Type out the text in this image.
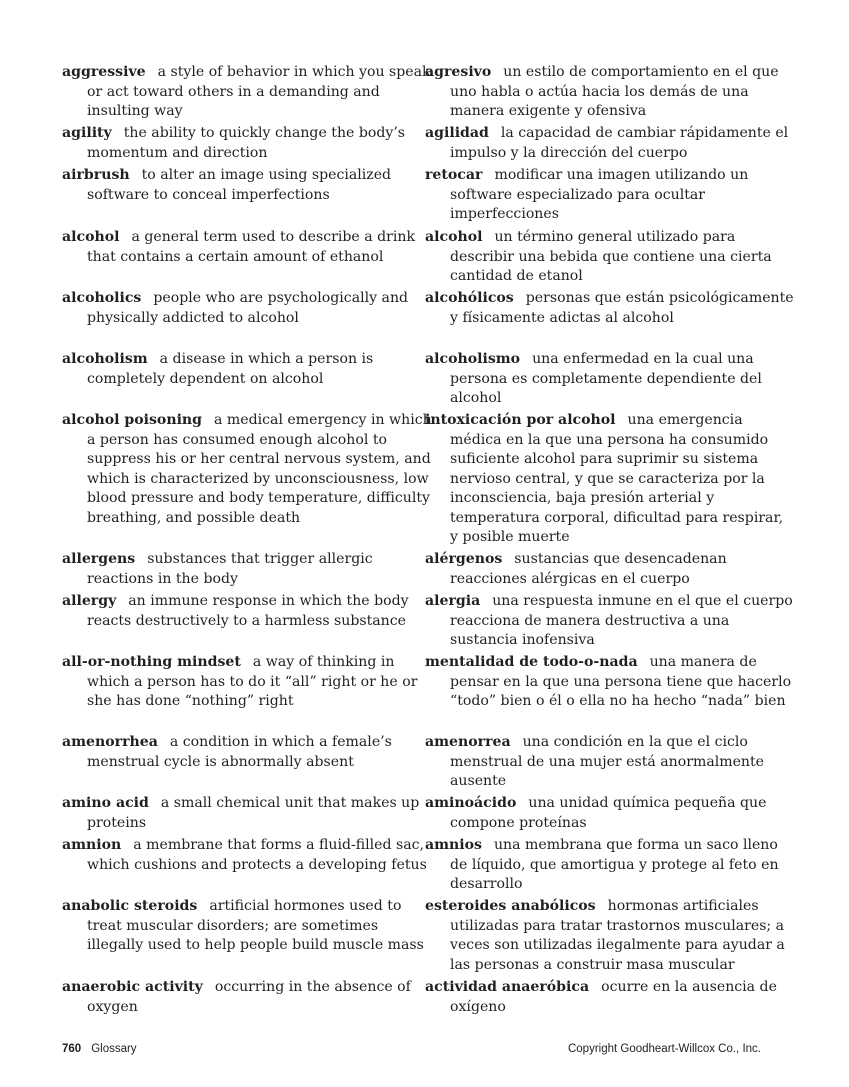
aggressive a style of behavior in which you speak or act toward others in a demanding and insulting way

agresivo un estilo de comportamiento en el que uno habla o actúa hacia los demás de una manera exigente y ofensiva

agility the ability to quickly change the body’s momentum and direction

agilidad la capacidad de cambiar rápidamente el impulso y la dirección del cuerpo

airbrush to alter an image using specialized software to conceal imperfections

retocar modificar una imagen utilizando un software especializado para ocultar imperfecciones

alcohol a general term used to describe a drink that contains a certain amount of ethanol

alcohol un término general utilizado para describir una bebida que contiene una cierta cantidad de etanol

alcoholics people who are psychologically and physically addicted to alcohol

alcohólicos personas que están psicológicamente y físicamente adictas al alcohol

alcoholism a disease in which a person is completely dependent on alcohol

alcoholismo una enfermedad en la cual una persona es completamente dependiente del alcohol

alcohol poisoning a medical emergency in which a person has consumed enough alcohol to suppress his or her central nervous system, and which is characterized by unconsciousness, low blood pressure and body temperature, difficulty breathing, and possible death

intoxicación por alcohol una emergencia médica en la que una persona ha consumido suficiente alcohol para suprimir su sistema nervioso central, y que se caracteriza por la inconsciencia, baja presión arterial y temperatura corporal, dificultad para respirar, y posible muerte

allergens substances that trigger allergic reactions in the body

alérgenos sustancias que desencadenan reacciones alérgicas en el cuerpo

allergy an immune response in which the body reacts destructively to a harmless substance

alergia una respuesta inmune en el que el cuerpo reacciona de manera destructiva a una sustancia inofensiva

all-or-nothing mindset a way of thinking in which a person has to do it “all” right or he or she has done “nothing” right

mentalidad de todo-o-nada una manera de pensar en la que una persona tiene que hacerlo “todo” bien o él o ella no ha hecho “nada” bien

amenorrhea a condition in which a female’s menstrual cycle is abnormally absent

amenorrea una condición en la que el ciclo menstrual de una mujer está anormalmente ausente

amino acid a small chemical unit that makes up proteins

aminoácido una unidad química pequeña que compone proteínas

amnion a membrane that forms a fluid-filled sac, which cushions and protects a developing fetus

amnios una membrana que forma un saco lleno de líquido, que amortigua y protege al feto en desarrollo

anabolic steroids artificial hormones used to treat muscular disorders; are sometimes illegally used to help people build muscle mass

esteroides anabólicos hormonas artificiales utilizadas para tratar trastornos musculares; a veces son utilizadas ilegalmente para ayudar a las personas a construir masa muscular

anaerobic activity occurring in the absence of oxygen

actividad anaeróbica ocurre en la ausencia de oxígeno

760 Glossary	Copyright Goodheart-Willcox Co., Inc.
